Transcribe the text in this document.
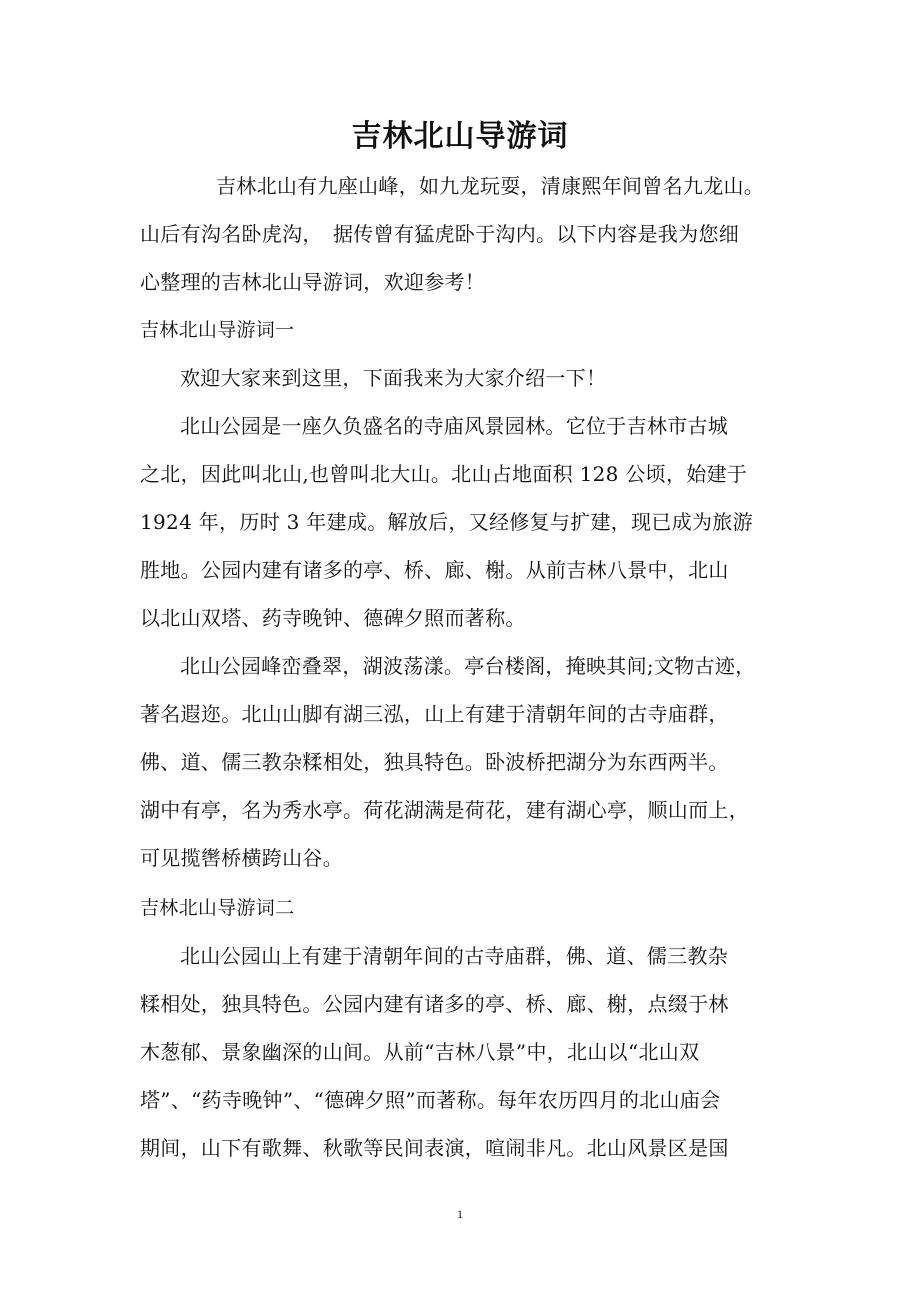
吉林北山导游词
吉林北山有九座山峰，如九龙玩耍，清康熙年间曾名九龙山。
山后有沟名卧虎沟，　据传曾有猛虎卧于沟内。以下内容是我为您细
心整理的吉林北山导游词，欢迎参考！
吉林北山导游词一
欢迎大家来到这里，下面我来为大家介绍一下！
北山公园是一座久负盛名的寺庙风景园林。它位于吉林市古城
之北，因此叫北山,也曾叫北大山。北山占地面积 128 公顷，始建于
1924 年，历时 3 年建成。解放后，又经修复与扩建，现已成为旅游
胜地。公园内建有诸多的亭、桥、廊、榭。从前吉林八景中，北山
以北山双塔、药寺晚钟、德碑夕照而著称。
北山公园峰峦叠翠，湖波荡漾。亭台楼阁，掩映其间;文物古迹，
著名遐迩。北山山脚有湖三泓，山上有建于清朝年间的古寺庙群，
佛、道、儒三教杂糅相处，独具特色。卧波桥把湖分为东西两半。
湖中有亭，名为秀水亭。荷花湖满是荷花，建有湖心亭，顺山而上，
可见揽辔桥横跨山谷。
吉林北山导游词二
北山公园山上有建于清朝年间的古寺庙群，佛、道、儒三教杂
糅相处，独具特色。公园内建有诸多的亭、桥、廊、榭，点缀于林
木葱郁、景象幽深的山间。从前“吉林八景”中，北山以“北山双
塔”、“药寺晚钟”、“德碑夕照”而著称。每年农历四月的北山庙会
期间，山下有歌舞、秋歌等民间表演，喧闹非凡。北山风景区是国
1
